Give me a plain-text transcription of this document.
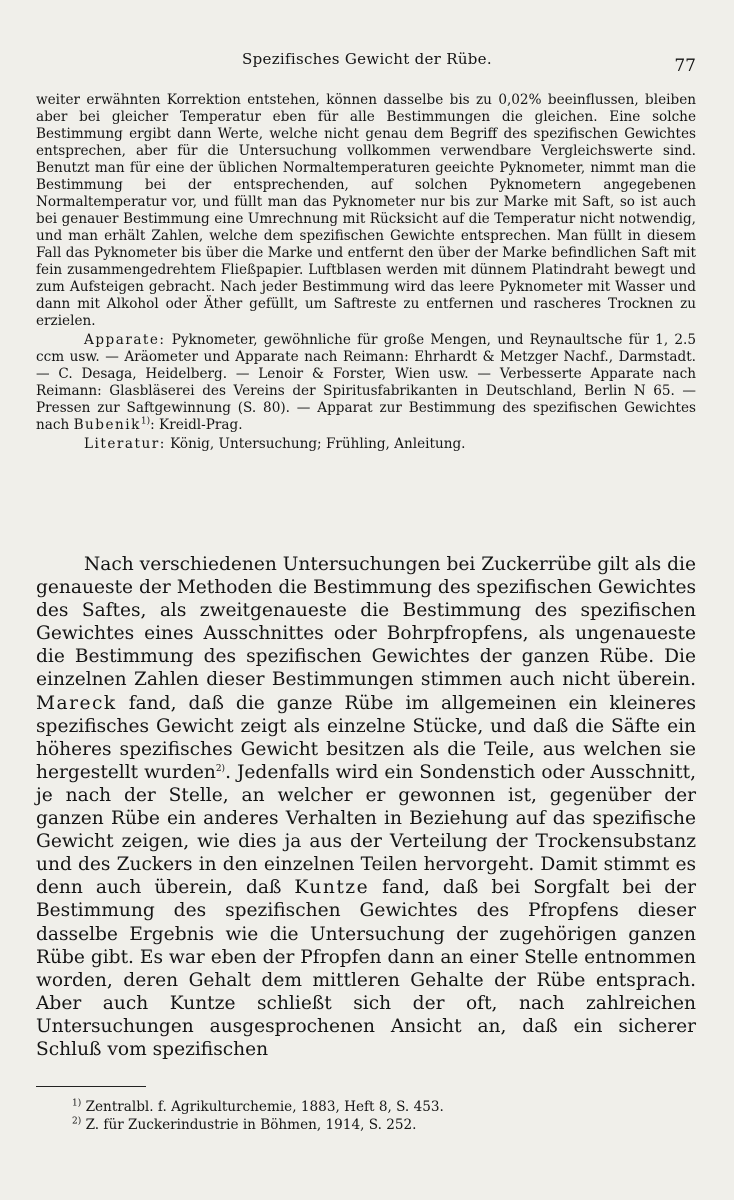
Spezifisches Gewicht der Rübe.	77

weiter erwähnten Korrektion entstehen, können dasselbe bis zu 0,02% beeinflussen, bleiben aber bei gleicher Temperatur eben für alle Bestimmungen die gleichen. Eine solche Bestimmung ergibt dann Werte, welche nicht genau dem Begriff des spezifischen Gewichtes entsprechen, aber für die Untersuchung vollkommen verwendbare Vergleichswerte sind. Benutzt man für eine der üblichen Normaltemperaturen geeichte Pyknometer, nimmt man die Bestimmung bei der entsprechenden, auf solchen Pyknometern angegebenen Normaltemperatur vor, und füllt man das Pyknometer nur bis zur Marke mit Saft, so ist auch bei genauer Bestimmung eine Umrechnung mit Rücksicht auf die Temperatur nicht notwendig, und man erhält Zahlen, welche dem spezifischen Gewichte entsprechen. Man füllt in diesem Fall das Pyknometer bis über die Marke und entfernt den über der Marke befindlichen Saft mit fein zusammengedrehtem Fließpapier. Luftblasen werden mit dünnem Platindraht bewegt und zum Aufsteigen gebracht. Nach jeder Bestimmung wird das leere Pyknometer mit Wasser und dann mit Alkohol oder Äther gefüllt, um Saftreste zu entfernen und rascheres Trocknen zu erzielen.

Apparate: Pyknometer, gewöhnliche für große Mengen, und Reynaultsche für 1, 2.5 ccm usw. — Aräometer und Apparate nach Reimann: Ehrhardt & Metzger Nachf., Darmstadt. — C. Desaga, Heidelberg. — Lenoir & Forster, Wien usw. — Verbesserte Apparate nach Reimann: Glasbläserei des Vereins der Spiritusfabrikanten in Deutschland, Berlin N 65. — Pressen zur Saftgewinnung (S. 80). — Apparat zur Bestimmung des spezifischen Gewichtes nach Bubenik$^{1)}$: Kreidl-Prag.

Literatur: König, Untersuchung; Frühling, Anleitung.

Nach verschiedenen Untersuchungen bei Zuckerrübe gilt als die genaueste der Methoden die Bestimmung des spezifischen Gewichtes des Saftes, als zweitgenaueste die Bestimmung des spezifischen Gewichtes eines Ausschnittes oder Bohrpfropfens, als ungenaueste die Bestimmung des spezifischen Gewichtes der ganzen Rübe. Die einzelnen Zahlen dieser Bestimmungen stimmen auch nicht überein. Mareck fand, daß die ganze Rübe im allgemeinen ein kleineres spezifisches Gewicht zeigt als einzelne Stücke, und daß die Säfte ein höheres spezifisches Gewicht besitzen als die Teile, aus welchen sie hergestellt wurden$^{2)}$. Jedenfalls wird ein Sondenstich oder Ausschnitt, je nach der Stelle, an welcher er gewonnen ist, gegenüber der ganzen Rübe ein anderes Verhalten in Beziehung auf das spezifische Gewicht zeigen, wie dies ja aus der Verteilung der Trockensubstanz und des Zuckers in den einzelnen Teilen hervorgeht. Damit stimmt es denn auch überein, daß Kuntze fand, daß bei Sorgfalt bei der Bestimmung des spezifischen Gewichtes des Pfropfens dieser dasselbe Ergebnis wie die Untersuchung der zugehörigen ganzen Rübe gibt. Es war eben der Pfropfen dann an einer Stelle entnommen worden, deren Gehalt dem mittleren Gehalte der Rübe entsprach. Aber auch Kuntze schließt sich der oft, nach zahlreichen Untersuchungen ausgesprochenen Ansicht an, daß ein sicherer Schluß vom spezifischen

$^{1)}$ Zentralbl. f. Agrikulturchemie, 1883, Heft 8, S. 453.

$^{2)}$ Z. für Zuckerindustrie in Böhmen, 1914, S. 252.
